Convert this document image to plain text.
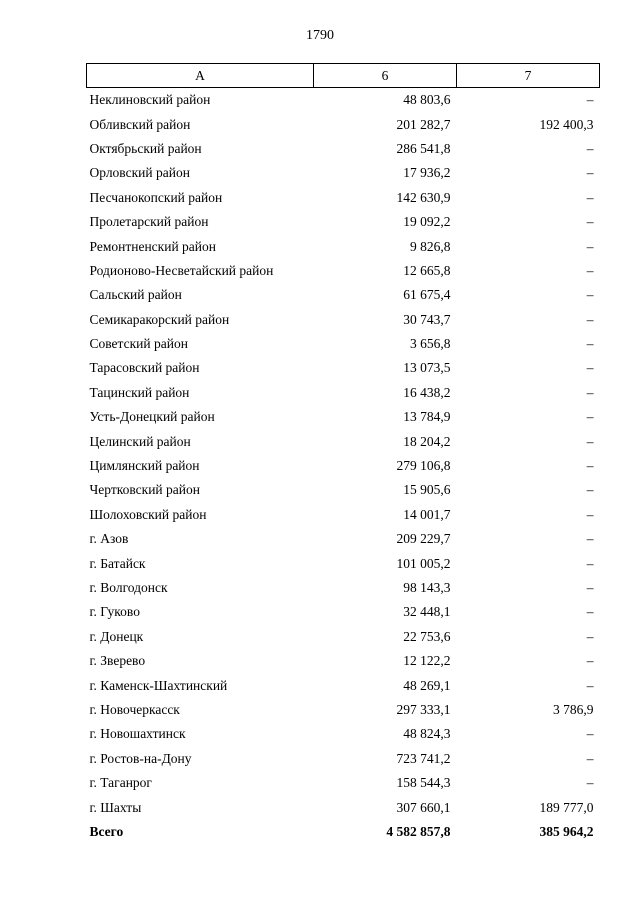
1790
А	6	7
Неклиновский район	48 803,6	–
Обливский район	201 282,7	192 400,3
Октябрьский район	286 541,8	–
Орловский район	17 936,2	–
Песчанокопский район	142 630,9	–
Пролетарский район	19 092,2	–
Ремонтненский район	9 826,8	–
Родионово-Несветайский район	12 665,8	–
Сальский район	61 675,4	–
Семикаракорский район	30 743,7	–
Советский район	3 656,8	–
Тарасовский район	13 073,5	–
Тацинский район	16 438,2	–
Усть-Донецкий район	13 784,9	–
Целинский район	18 204,2	–
Цимлянский район	279 106,8	–
Чертковский район	15 905,6	–
Шолоховский район	14 001,7	–
г. Азов	209 229,7	–
г. Батайск	101 005,2	–
г. Волгодонск	98 143,3	–
г. Гуково	32 448,1	–
г. Донецк	22 753,6	–
г. Зверево	12 122,2	–
г. Каменск-Шахтинский	48 269,1	–
г. Новочеркасск	297 333,1	3 786,9
г. Новошахтинск	48 824,3	–
г. Ростов-на-Дону	723 741,2	–
г. Таганрог	158 544,3	–
г. Шахты	307 660,1	189 777,0
Всего	4 582 857,8	385 964,2
